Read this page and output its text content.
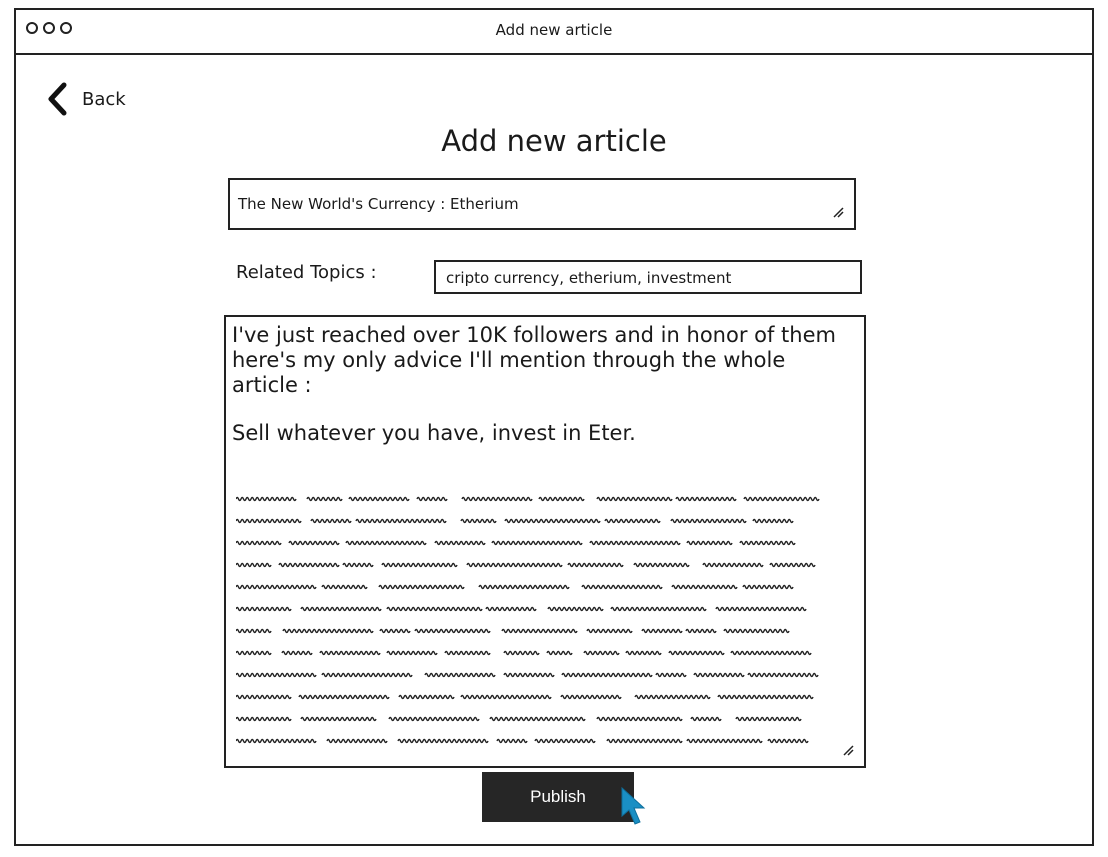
Add new article
Back
Add new article
The New World's Currency : Etherium
Related Topics :	cripto currency, etherium, investment
I've just reached over 10K followers and in honor of them here's my only advice I'll mention through the whole article :
Sell whatever you have, invest in Eter.
Publish
